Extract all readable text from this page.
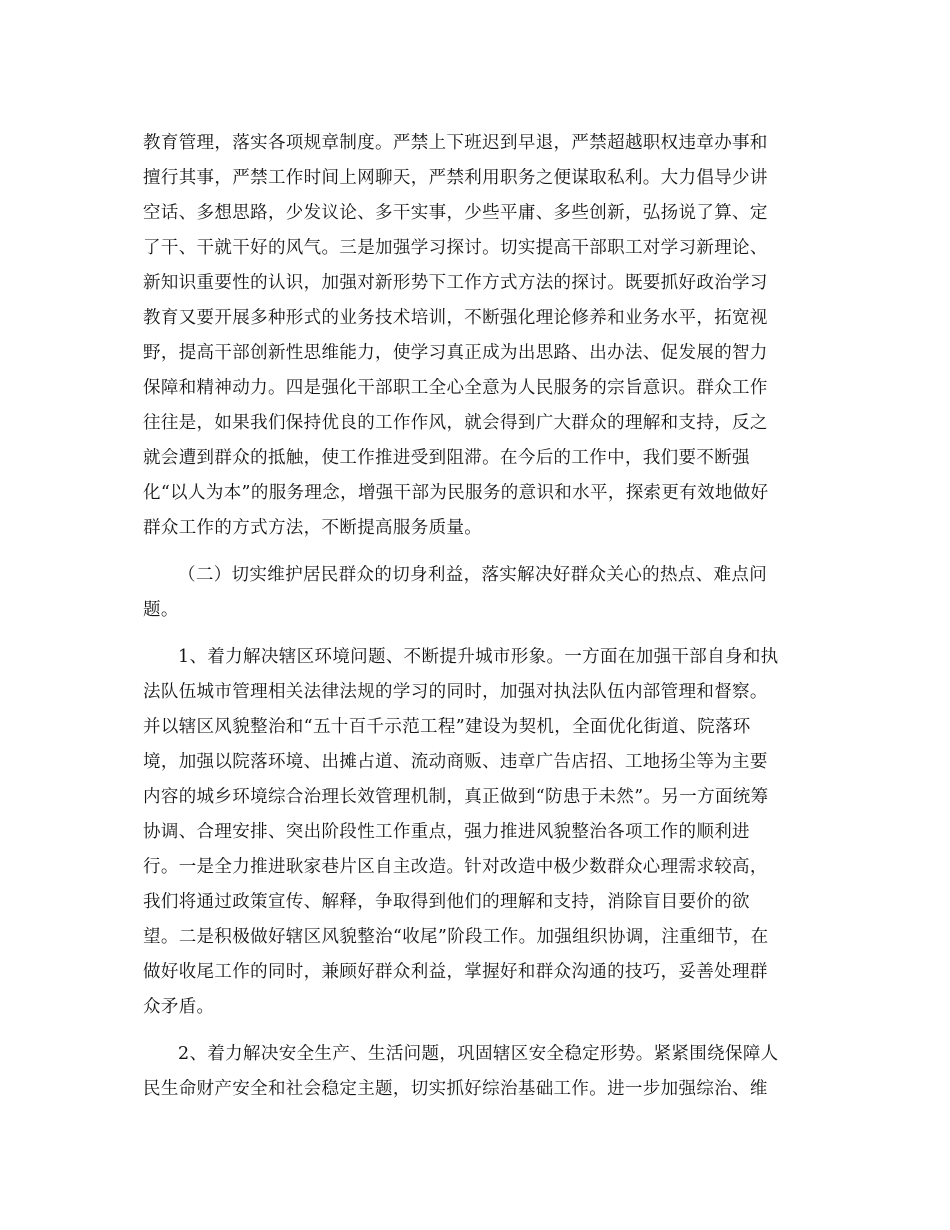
教育管理，落实各项规章制度。严禁上下班迟到早退，严禁超越职权违章办事和
擅行其事，严禁工作时间上网聊天，严禁利用职务之便谋取私利。大力倡导少讲
空话、多想思路，少发议论、多干实事，少些平庸、多些创新，弘扬说了算、定
了干、干就干好的风气。三是加强学习探讨。切实提高干部职工对学习新理论、
新知识重要性的认识，加强对新形势下工作方式方法的探讨。既要抓好政治学习
教育又要开展多种形式的业务技术培训，不断强化理论修养和业务水平，拓宽视
野，提高干部创新性思维能力，使学习真正成为出思路、出办法、促发展的智力
保障和精神动力。四是强化干部职工全心全意为人民服务的宗旨意识。群众工作
往往是，如果我们保持优良的工作作风，就会得到广大群众的理解和支持，反之
就会遭到群众的抵触，使工作推进受到阻滞。在今后的工作中，我们要不断强
化“以人为本”的服务理念，增强干部为民服务的意识和水平，探索更有效地做好
群众工作的方式方法，不断提高服务质量。
（二）切实维护居民群众的切身利益，落实解决好群众关心的热点、难点问
题。
1、着力解决辖区环境问题、不断提升城市形象。一方面在加强干部自身和执
法队伍城市管理相关法律法规的学习的同时，加强对执法队伍内部管理和督察。
并以辖区风貌整治和“五十百千示范工程”建设为契机，全面优化街道、院落环
境，加强以院落环境、出摊占道、流动商贩、违章广告店招、工地扬尘等为主要
内容的城乡环境综合治理长效管理机制，真正做到“防患于未然”。另一方面统筹
协调、合理安排、突出阶段性工作重点，强力推进风貌整治各项工作的顺利进
行。一是全力推进耿家巷片区自主改造。针对改造中极少数群众心理需求较高，
我们将通过政策宣传、解释，争取得到他们的理解和支持，消除盲目要价的欲
望。二是积极做好辖区风貌整治“收尾”阶段工作。加强组织协调，注重细节，在
做好收尾工作的同时，兼顾好群众利益，掌握好和群众沟通的技巧，妥善处理群
众矛盾。
2、着力解决安全生产、生活问题，巩固辖区安全稳定形势。紧紧围绕保障人
民生命财产安全和社会稳定主题，切实抓好综治基础工作。进一步加强综治、维
